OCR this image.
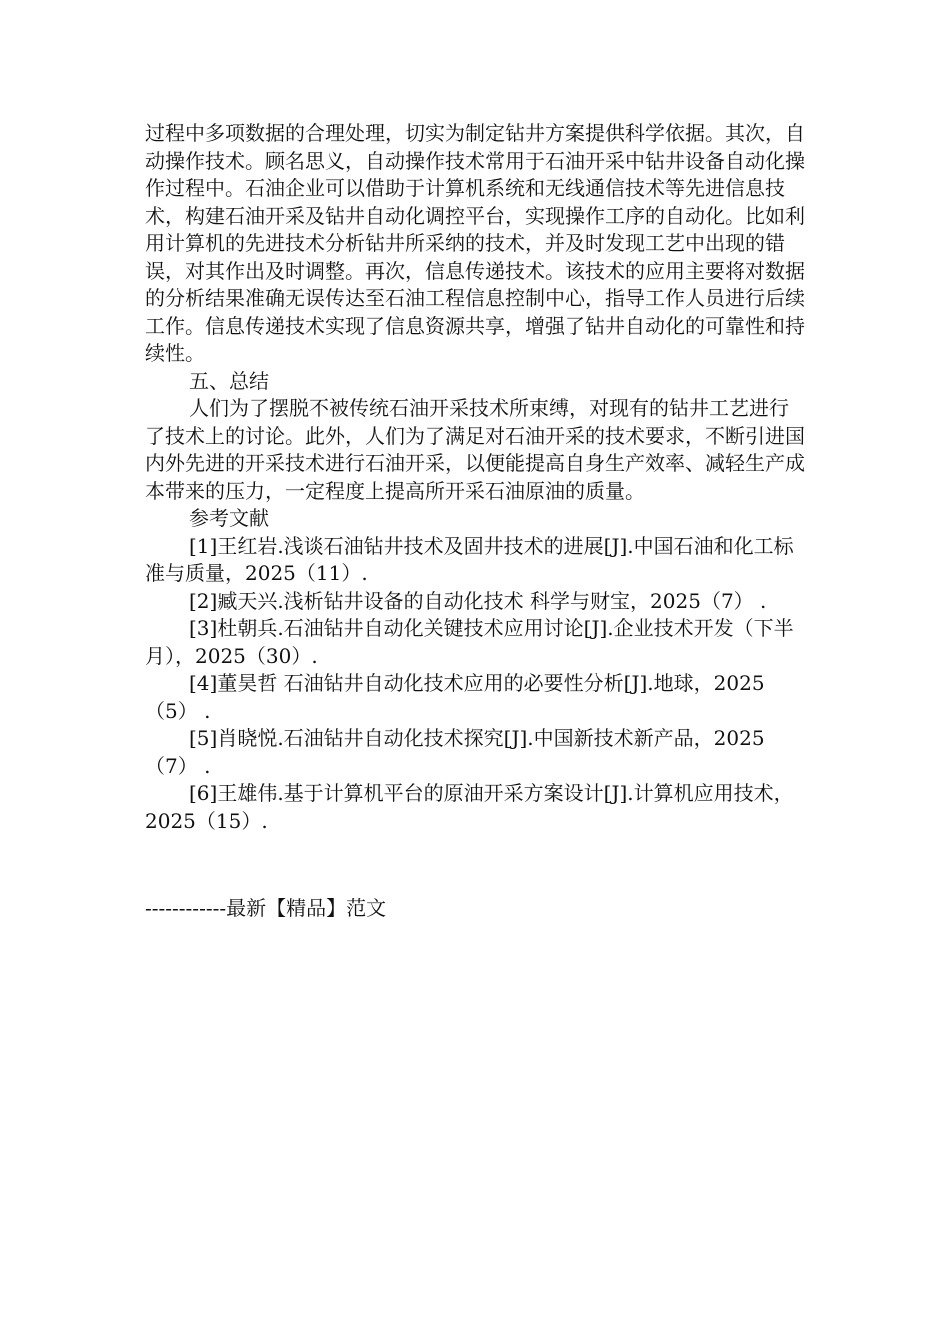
过程中多项数据的合理处理，切实为制定钻井方案提供科学依据。其次，自动操作技术。顾名思义，自动操作技术常用于石油开采中钻井设备自动化操作过程中。石油企业可以借助于计算机系统和无线通信技术等先进信息技术，构建石油开采及钻井自动化调控平台，实现操作工序的自动化。比如利用计算机的先进技术分析钻井所采纳的技术，并及时发现工艺中出现的错误，对其作出及时调整。再次，信息传递技术。该技术的应用主要将对数据的分析结果准确无误传达至石油工程信息控制中心，指导工作人员进行后续工作。信息传递技术实现了信息资源共享，增强了钻井自动化的可靠性和持续性。

五、总结

人们为了摆脱不被传统石油开采技术所束缚，对现有的钻井工艺进行了技术上的讨论。此外，人们为了满足对石油开采的技术要求，不断引进国内外先进的开采技术进行石油开采，以便能提高自身生产效率、减轻生产成本带来的压力，一定程度上提高所开采石油原油的质量。

参考文献

[1]王红岩.浅谈石油钻井技术及固井技术的进展[J].中国石油和化工标准与质量，2025（11）.

[2]臧天兴.浅析钻井设备的自动化技术 科学与财宝，2025（7） .

[3]杜朝兵.石油钻井自动化关键技术应用讨论[J].企业技术开发（下半月），2025（30）.

[4]董昊哲 石油钻井自动化技术应用的必要性分析[J].地球，2025（5） .

[5]肖晓悦.石油钻井自动化技术探究[J].中国新技术新产品，2025（7） .

[6]王雄伟.基于计算机平台的原油开采方案设计[J].计算机应用技术，2025（15）.

------------最新【精品】范文
